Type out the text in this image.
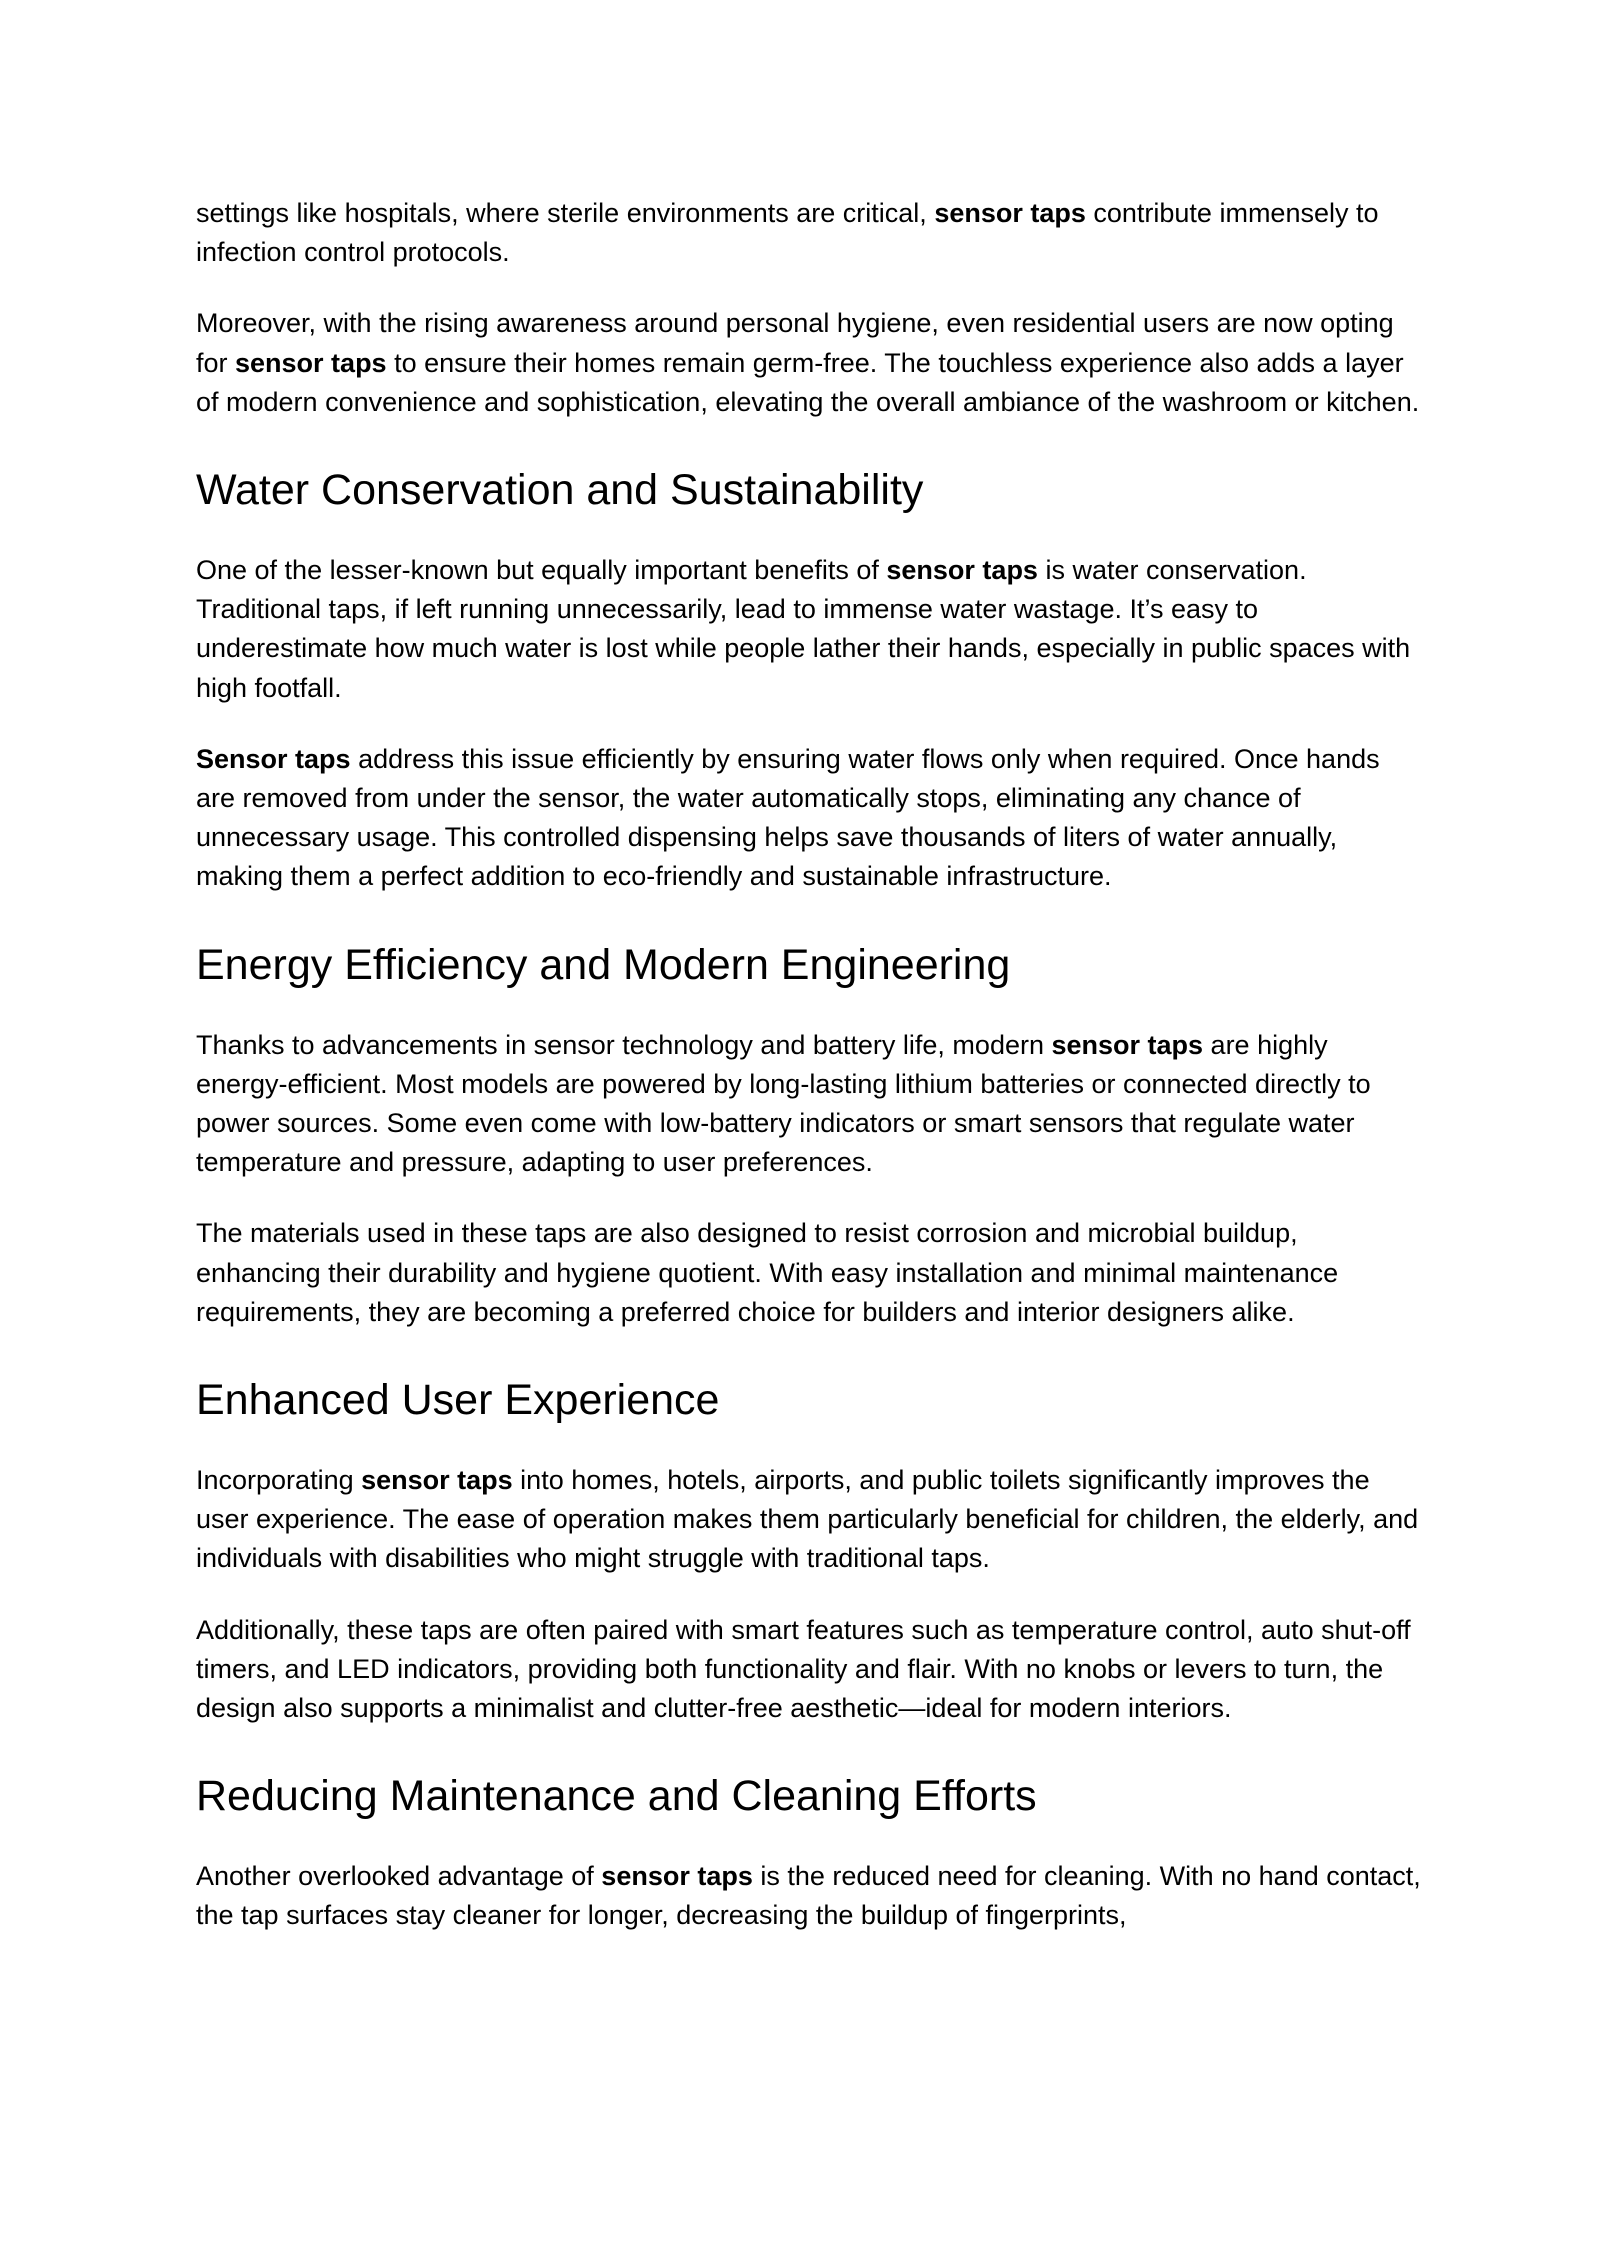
settings like hospitals, where sterile environments are critical, sensor taps contribute immensely to infection control protocols.

Moreover, with the rising awareness around personal hygiene, even residential users are now opting for sensor taps to ensure their homes remain germ-free. The touchless experience also adds a layer of modern convenience and sophistication, elevating the overall ambiance of the washroom or kitchen.

Water Conservation and Sustainability

One of the lesser-known but equally important benefits of sensor taps is water conservation. Traditional taps, if left running unnecessarily, lead to immense water wastage. It’s easy to underestimate how much water is lost while people lather their hands, especially in public spaces with high footfall.

Sensor taps address this issue efficiently by ensuring water flows only when required. Once hands are removed from under the sensor, the water automatically stops, eliminating any chance of unnecessary usage. This controlled dispensing helps save thousands of liters of water annually, making them a perfect addition to eco-friendly and sustainable infrastructure.

Energy Efficiency and Modern Engineering

Thanks to advancements in sensor technology and battery life, modern sensor taps are highly energy-efficient. Most models are powered by long-lasting lithium batteries or connected directly to power sources. Some even come with low-battery indicators or smart sensors that regulate water temperature and pressure, adapting to user preferences.

The materials used in these taps are also designed to resist corrosion and microbial buildup, enhancing their durability and hygiene quotient. With easy installation and minimal maintenance requirements, they are becoming a preferred choice for builders and interior designers alike.

Enhanced User Experience

Incorporating sensor taps into homes, hotels, airports, and public toilets significantly improves the user experience. The ease of operation makes them particularly beneficial for children, the elderly, and individuals with disabilities who might struggle with traditional taps.

Additionally, these taps are often paired with smart features such as temperature control, auto shut-off timers, and LED indicators, providing both functionality and flair. With no knobs or levers to turn, the design also supports a minimalist and clutter-free aesthetic—ideal for modern interiors.

Reducing Maintenance and Cleaning Efforts

Another overlooked advantage of sensor taps is the reduced need for cleaning. With no hand contact, the tap surfaces stay cleaner for longer, decreasing the buildup of fingerprints,
